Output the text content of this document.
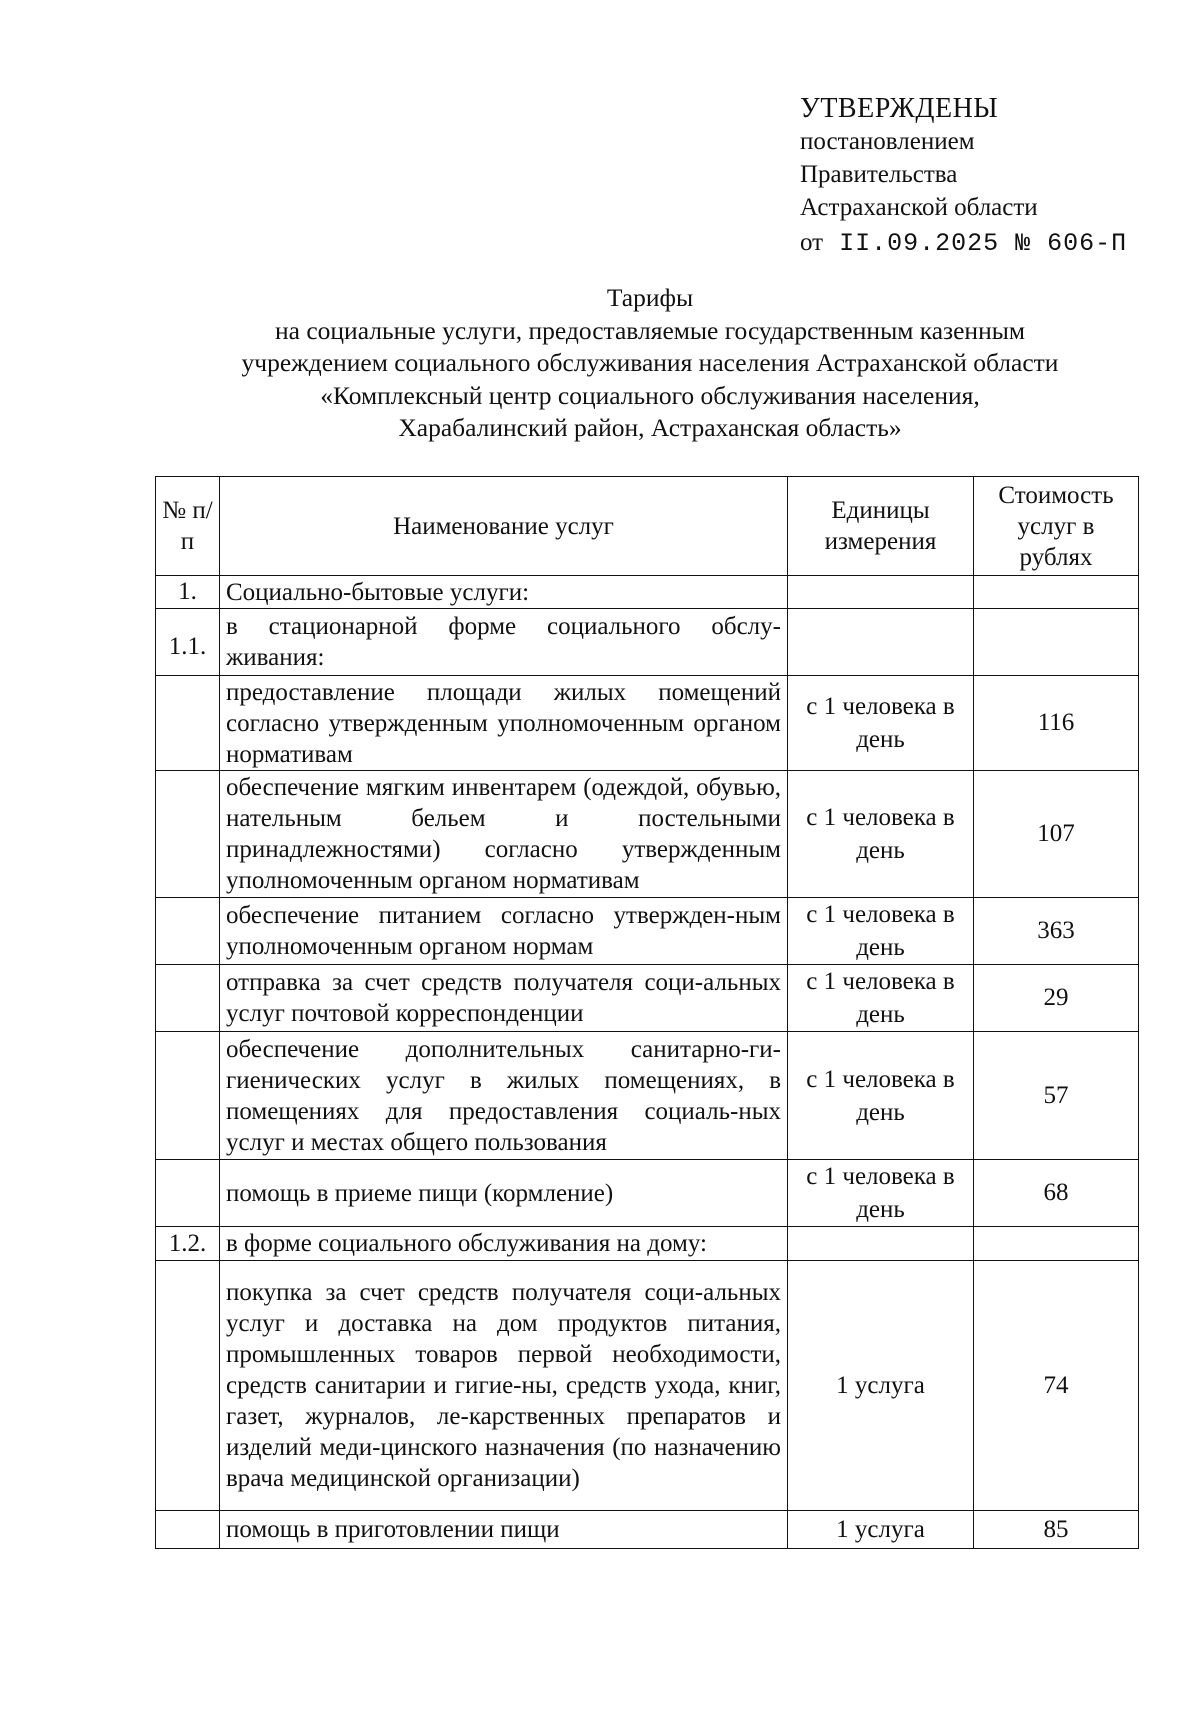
УТВЕРЖДЕНЫ
постановлением
Правительства
Астраханской области
от II.09.2025 № 606-П
Тарифы
на социальные услуги, предоставляемые государственным казенным
учреждением социального обслуживания населения Астраханской области
«Комплексный центр социального обслуживания населения,
Харабалинский район, Астраханская область»
№ п/п	Наименование услуг	Единицы измерения	Стоимость услуг в рублях
1.	Социально-бытовые услуги:		
1.1.	в стационарной форме социального обслу-живания:		
	предоставление площади жилых помещений согласно утвержденным уполномоченным органом нормативам	с 1 человека в день	116
	обеспечение мягким инвентарем (одеждой, обувью, нательным бельем и постельными принадлежностями) согласно утвержденным уполномоченным органом нормативам	с 1 человека в день	107
	обеспечение питанием согласно утвержден-ным уполномоченным органом нормам	с 1 человека в день	363
	отправка за счет средств получателя соци-альных услуг почтовой корреспонденции	с 1 человека в день	29
	обеспечение дополнительных санитарно-ги-гиенических услуг в жилых помещениях, в помещениях для предоставления социаль-ных услуг и местах общего пользования	с 1 человека в день	57
	помощь в приеме пищи (кормление)	с 1 человека в день	68
1.2.	в форме социального обслуживания на дому:		
	покупка за счет средств получателя соци-альных услуг и доставка на дом продуктов питания, промышленных товаров первой необходимости, средств санитарии и гигие-ны, средств ухода, книг, газет, журналов, ле-карственных препаратов и изделий меди-цинского назначения (по назначению врача медицинской организации)	1 услуга	74
	помощь в приготовлении пищи	1 услуга	85
